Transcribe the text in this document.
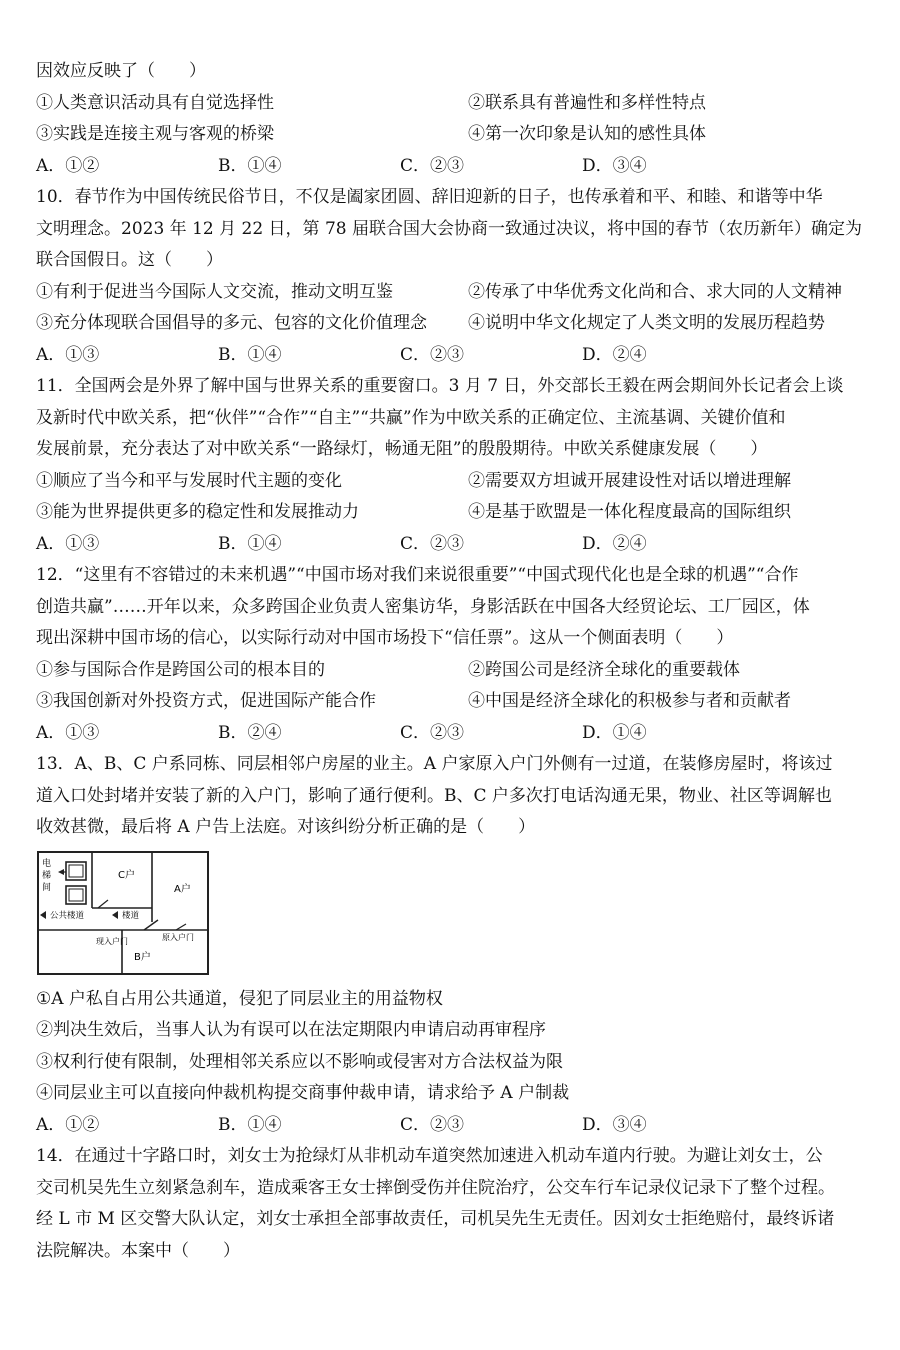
因效应反映了（　　）

①人类意识活动具有自觉选择性	②联系具有普遍性和多样性特点
③实践是连接主观与客观的桥梁	④第一次印象是认知的感性具体
A．①②	B．①④	C．②③	D．③④

10．春节作为中国传统民俗节日，不仅是阖家团圆、辞旧迎新的日子，也传承着和平、和睦、和谐等中华

文明理念。2023 年 12 月 22 日，第 78 届联合国大会协商一致通过决议，将中国的春节（农历新年）确定为

联合国假日。这（　　）

①有利于促进当今国际人文交流，推动文明互鉴	②传承了中华优秀文化尚和合、求大同的人文精神
③充分体现联合国倡导的多元、包容的文化价值理念	④说明中华文化规定了人类文明的发展历程趋势
A．①③	B．①④	C．②③	D．②④

11．全国两会是外界了解中国与世界关系的重要窗口。3 月 7 日，外交部长王毅在两会期间外长记者会上谈

及新时代中欧关系，把“伙伴”“合作”“自主”“共赢”作为中欧关系的正确定位、主流基调、关键价值和

发展前景，充分表达了对中欧关系“一路绿灯，畅通无阻”的殷殷期待。中欧关系健康发展（　　）

①顺应了当今和平与发展时代主题的变化	②需要双方坦诚开展建设性对话以增进理解
③能为世界提供更多的稳定性和发展推动力	④是基于欧盟是一体化程度最高的国际组织
A．①③	B．①④	C．②③	D．②④

12．“这里有不容错过的未来机遇”“中国市场对我们来说很重要”“中国式现代化也是全球的机遇”“合作

创造共赢”……开年以来，众多跨国企业负责人密集访华，身影活跃在中国各大经贸论坛、工厂园区，体

现出深耕中国市场的信心，以实际行动对中国市场投下“信任票”。这从一个侧面表明（　　）

①参与国际合作是跨国公司的根本目的	②跨国公司是经济全球化的重要载体
③我国创新对外投资方式，促进国际产能合作	④中国是经济全球化的积极参与者和贡献者
A．①③	B．②④	C．②③	D．①④

13．A、B、C 户系同栋、同层相邻户房屋的业主。A 户家原入户门外侧有一过道，在装修房屋时，将该过

道入口处封堵并安装了新的入户门，影响了通行便利。B、C 户多次打电话沟通无果，物业、社区等调解也

收效甚微，最后将 A 户告上法庭。对该纠纷分析正确的是（　　）

电
梯
间
C户
A户
公共楼道	楼道
现入户门	原入户门
B户

①A 户私自占用公共通道，侵犯了同层业主的用益物权

②判决生效后，当事人认为有误可以在法定期限内申请启动再审程序

③权利行使有限制，处理相邻关系应以不影响或侵害对方合法权益为限

④同层业主可以直接向仲裁机构提交商事仲裁申请，请求给予 A 户制裁

A．①②	B．①④	C．②③	D．③④

14．在通过十字路口时，刘女士为抢绿灯从非机动车道突然加速进入机动车道内行驶。为避让刘女士，公

交司机吴先生立刻紧急刹车，造成乘客王女士摔倒受伤并住院治疗，公交车行车记录仪记录下了整个过程。

经 L 市 M 区交警大队认定，刘女士承担全部事故责任，司机吴先生无责任。因刘女士拒绝赔付，最终诉诸

法院解决。本案中（　　）
